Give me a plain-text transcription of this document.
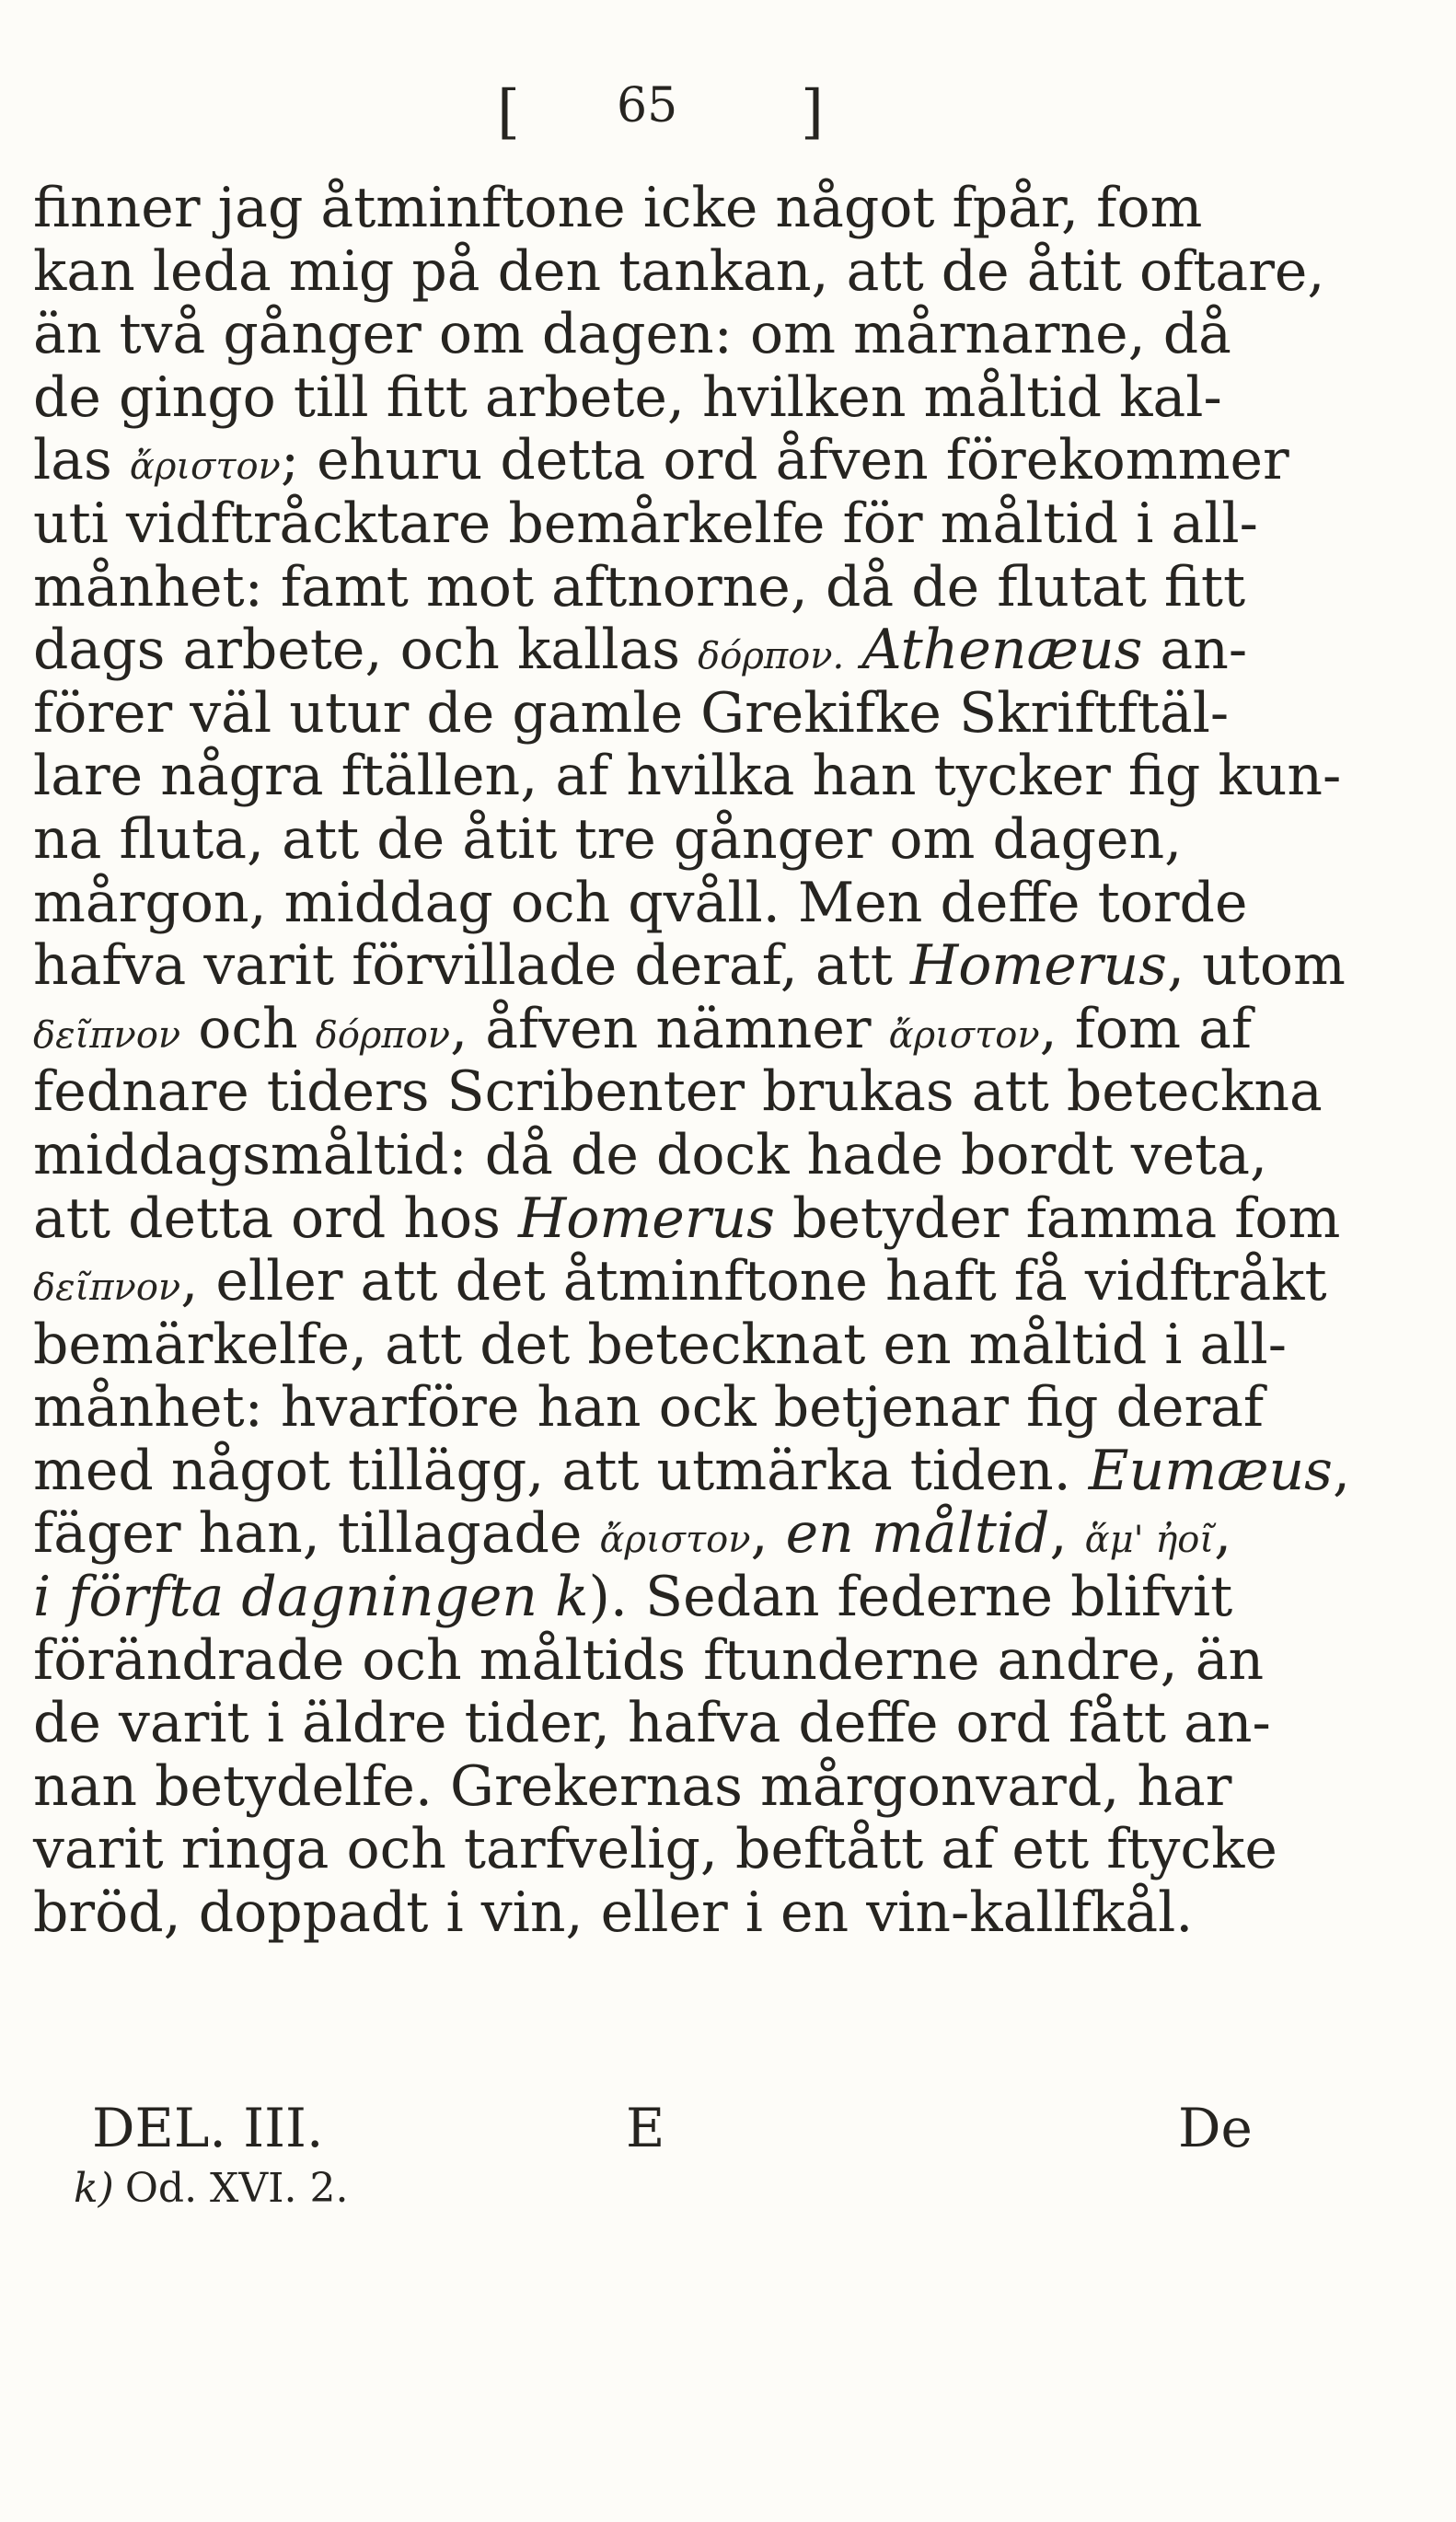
[ 65 ]
finner jag åtminftone icke något fpår, fom
kan leda mig på den tankan, att de åtit oftare,
än två gånger om dagen: om mårnarne, då
de gingo till fitt arbete, hvilken måltid kal-
las ἄριστον; ehuru detta ord åfven förekommer
uti vidftråcktare bemårkelfe för måltid i all-
månhet: famt mot aftnorne, då de flutat fitt
dags arbete, och kallas δόρπον. Athenæus an-
förer väl utur de gamle Grekifke Skriftftäl-
lare några ftällen, af hvilka han tycker fig kun-
na fluta, att de åtit tre gånger om dagen,
mårgon, middag och qvåll. Men deffe torde
hafva varit förvillade deraf, att Homerus, utom
δεῖπνον och δόρπον, åfven nämner ἄριστον, fom af
fednare tiders Scribenter brukas att beteckna
middagsmåltid: då de dock hade bordt veta,
att detta ord hos Homerus betyder famma fom
δεῖπνον, eller att det åtminftone haft få vidftråkt
bemärkelfe, att det betecknat en måltid i all-
månhet: hvarföre han ock betjenar fig deraf
med något tillägg, att utmärka tiden. Eumæus,
fäger han, tillagade ἄριστον, en måltid, ἅμ' ἠοῖ,
i förfta dagningen k). Sedan federne blifvit
förändrade och måltids ftunderne andre, än
de varit i äldre tider, hafva deffe ord fått an-
nan betydelfe. Grekernas mårgonvard, har
varit ringa och tarfvelig, beftått af ett ftycke
bröd, doppadt i vin, eller i en vin-kallfkål.
DEL. III.	E	De
k) Od. XVI. 2.
